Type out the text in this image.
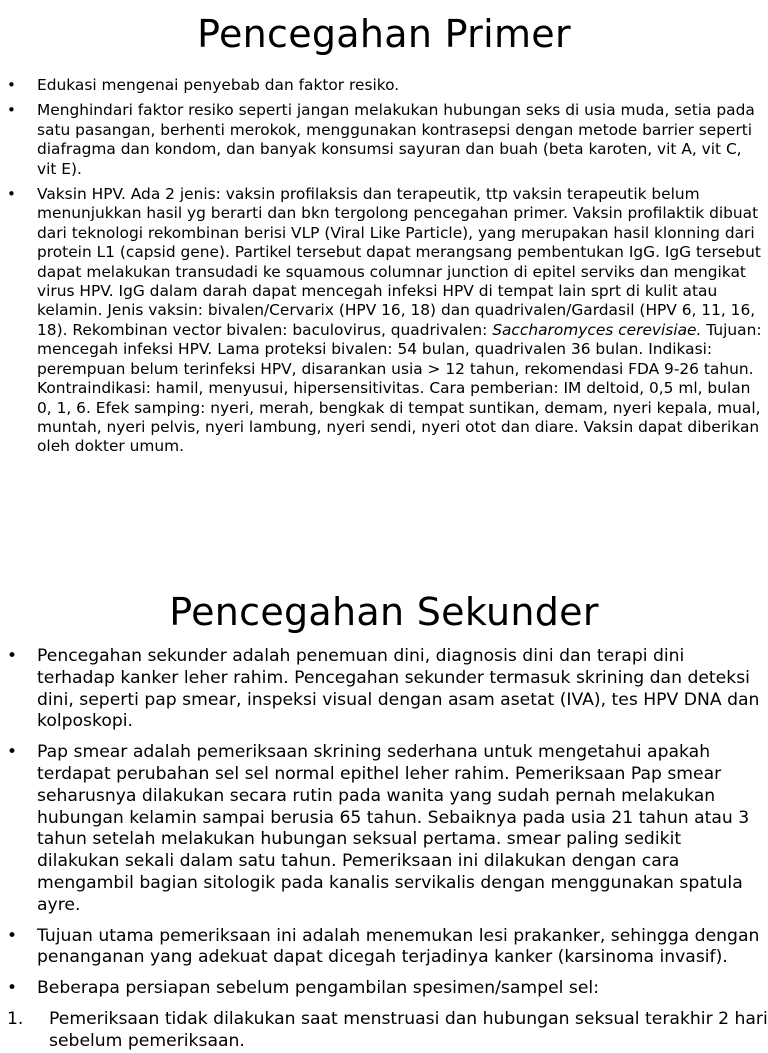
Pencegahan Primer
• Edukasi mengenai penyebab dan faktor resiko.
• Menghindari faktor resiko seperti jangan melakukan hubungan seks di usia muda, setia pada satu pasangan, berhenti merokok, menggunakan kontrasepsi dengan metode barrier seperti diafragma dan kondom, dan banyak konsumsi sayuran dan buah (beta karoten, vit A, vit C, vit E).
• Vaksin HPV. Ada 2 jenis: vaksin profilaksis dan terapeutik, ttp vaksin terapeutik belum menunjukkan hasil yg berarti dan bkn tergolong pencegahan primer. Vaksin profilaktik dibuat dari teknologi rekombinan berisi VLP (Viral Like Particle), yang merupakan hasil klonning dari protein L1 (capsid gene). Partikel tersebut dapat merangsang pembentukan IgG. IgG tersebut dapat melakukan transudadi ke squamous columnar junction di epitel serviks dan mengikat virus HPV. IgG dalam darah dapat mencegah infeksi HPV di tempat lain sprt di kulit atau kelamin. Jenis vaksin: bivalen/Cervarix (HPV 16, 18) dan quadrivalen/Gardasil (HPV 6, 11, 16, 18). Rekombinan vector bivalen: baculovirus, quadrivalen: Saccharomyces cerevisiae. Tujuan: mencegah infeksi HPV. Lama proteksi bivalen: 54 bulan, quadrivalen 36 bulan. Indikasi: perempuan belum terinfeksi HPV, disarankan usia > 12 tahun, rekomendasi FDA 9-26 tahun. Kontraindikasi: hamil, menyusui, hipersensitivitas. Cara pemberian: IM deltoid, 0,5 ml, bulan 0, 1, 6. Efek samping: nyeri, merah, bengkak di tempat suntikan, demam, nyeri kepala, mual, muntah, nyeri pelvis, nyeri lambung, nyeri sendi, nyeri otot dan diare. Vaksin dapat diberikan oleh dokter umum.
Pencegahan Sekunder
• Pencegahan sekunder adalah penemuan dini, diagnosis dini dan terapi dini terhadap kanker leher rahim. Pencegahan sekunder termasuk skrining dan deteksi dini, seperti pap smear, inspeksi visual dengan asam asetat (IVA), tes HPV DNA dan kolposkopi.
• Pap smear adalah pemeriksaan skrining sederhana untuk mengetahui apakah terdapat perubahan sel sel normal epithel leher rahim. Pemeriksaan Pap smear seharusnya dilakukan secara rutin pada wanita yang sudah pernah melakukan hubungan kelamin sampai berusia 65 tahun. Sebaiknya pada usia 21 tahun atau 3 tahun setelah melakukan hubungan seksual pertama. smear paling sedikit dilakukan sekali dalam satu tahun. Pemeriksaan ini dilakukan dengan cara mengambil bagian sitologik pada kanalis servikalis dengan menggunakan spatula ayre.
• Tujuan utama pemeriksaan ini adalah menemukan lesi prakanker, sehingga dengan penanganan yang adekuat dapat dicegah terjadinya kanker (karsinoma invasif).
• Beberapa persiapan sebelum pengambilan spesimen/sampel sel:
1. Pemeriksaan tidak dilakukan saat menstruasi dan hubungan seksual terakhir 2 hari sebelum pemeriksaan.
